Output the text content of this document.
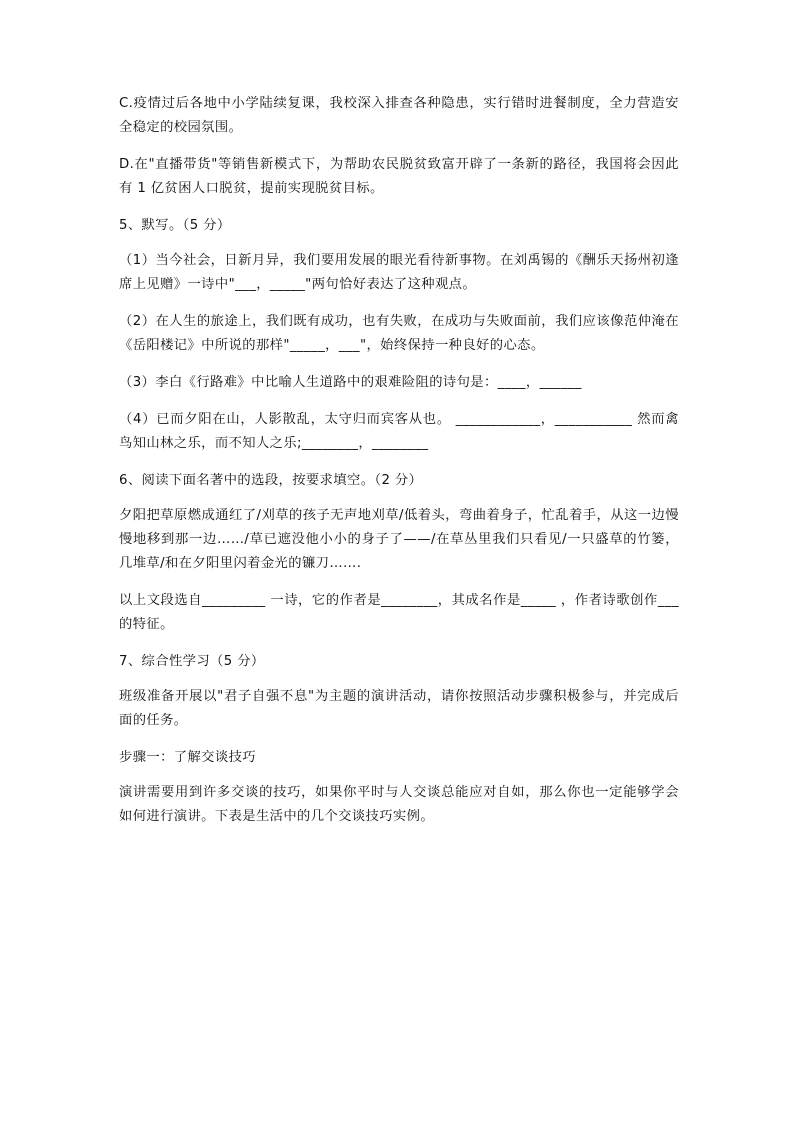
C.疫情过后各地中小学陆续复课，我校深入排查各种隐患，实行错时进餐制度，全力营造安全稳定的校园氛围。

D.在"直播带货"等销售新模式下，为帮助农民脱贫致富开辟了一条新的路径，我国将会因此有 1 亿贫困人口脱贫，提前实现脱贫目标。

5、默写。（5 分）

（1）当今社会，日新月异，我们要用发展的眼光看待新事物。在刘禹锡的《酬乐天扬州初逢席上见赠》一诗中"___，_____"两句恰好表达了这种观点。

（2）在人生的旅途上，我们既有成功，也有失败，在成功与失败面前，我们应该像范仲淹在《岳阳楼记》中所说的那样"_____，___"，始终保持一种良好的心态。

（3）李白《行路难》中比喻人生道路中的艰难险阻的诗句是：____，______

（4）已而夕阳在山，人影散乱，太守归而宾客从也。 ____________，___________ 然而禽鸟知山林之乐，而不知人之乐;________，________

6、阅读下面名著中的选段，按要求填空。（2 分）

夕阳把草原燃成通红了/刈草的孩子无声地刈草/低着头，弯曲着身子，忙乱着手，从这一边慢慢地移到那一边……/草已遮没他小小的身子了——/在草丛里我们只看见/一只盛草的竹篓，几堆草/和在夕阳里闪着金光的镰刀…….

以上文段选自_________ 一诗，它的作者是________，其成名作是_____ ，作者诗歌创作___的特征。

7、综合性学习（5 分）

班级准备开展以"君子自强不息"为主题的演讲活动，请你按照活动步骤积极参与，并完成后面的任务。

步骤一：了解交谈技巧

演讲需要用到许多交谈的技巧，如果你平时与人交谈总能应对自如，那么你也一定能够学会如何进行演讲。下表是生活中的几个交谈技巧实例。
